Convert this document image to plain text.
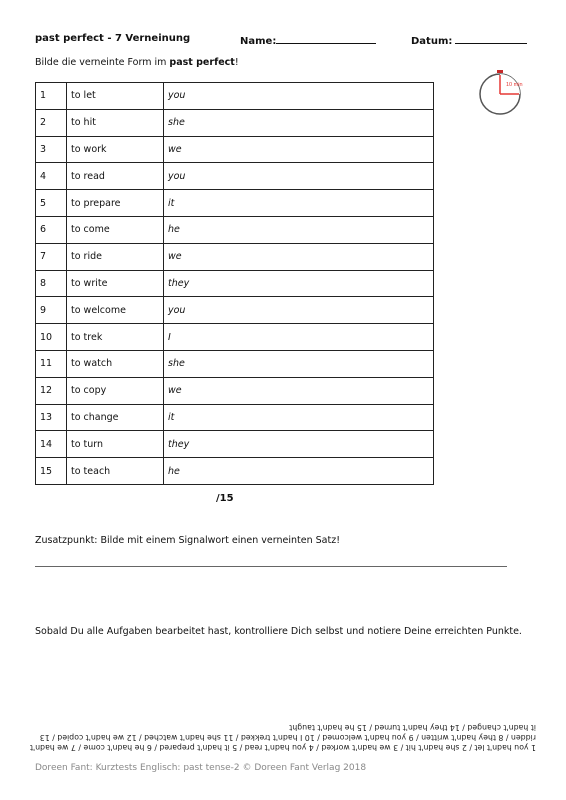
past perfect - 7 Verneinung	Name:	Datum:
Bilde die verneinte Form im past perfect!
10 min
1	to let	you
2	to hit	she
3	to work	we
4	to read	you
5	to prepare	it
6	to come	he
7	to ride	we
8	to write	they
9	to welcome	you
10	to trek	I
11	to watch	she
12	to copy	we
13	to change	it
14	to turn	they
15	to teach	he
/15
Zusatzpunkt: Bilde mit einem Signalwort einen verneinten Satz!
Sobald Du alle Aufgaben bearbeitet hast, kontrolliere Dich selbst und notiere Deine erreichten Punkte.
1 you hadn't let / 2 she hadn't hit / 3 we hadn't worked / 4 you hadn't read / 5 it hadn't prepared / 6 he hadn't come / 7 we hadn't
ridden / 8 they hadn't written / 9 you hadn't welcomed / 10 I hadn't trekked / 11 she hadn't watched / 12 we hadn't copied / 13
it hadn't changed / 14 they hadn't turned / 15 he hadn't taught
Doreen Fant: Kurztests Englisch: past tense-2 © Doreen Fant Verlag 2018
